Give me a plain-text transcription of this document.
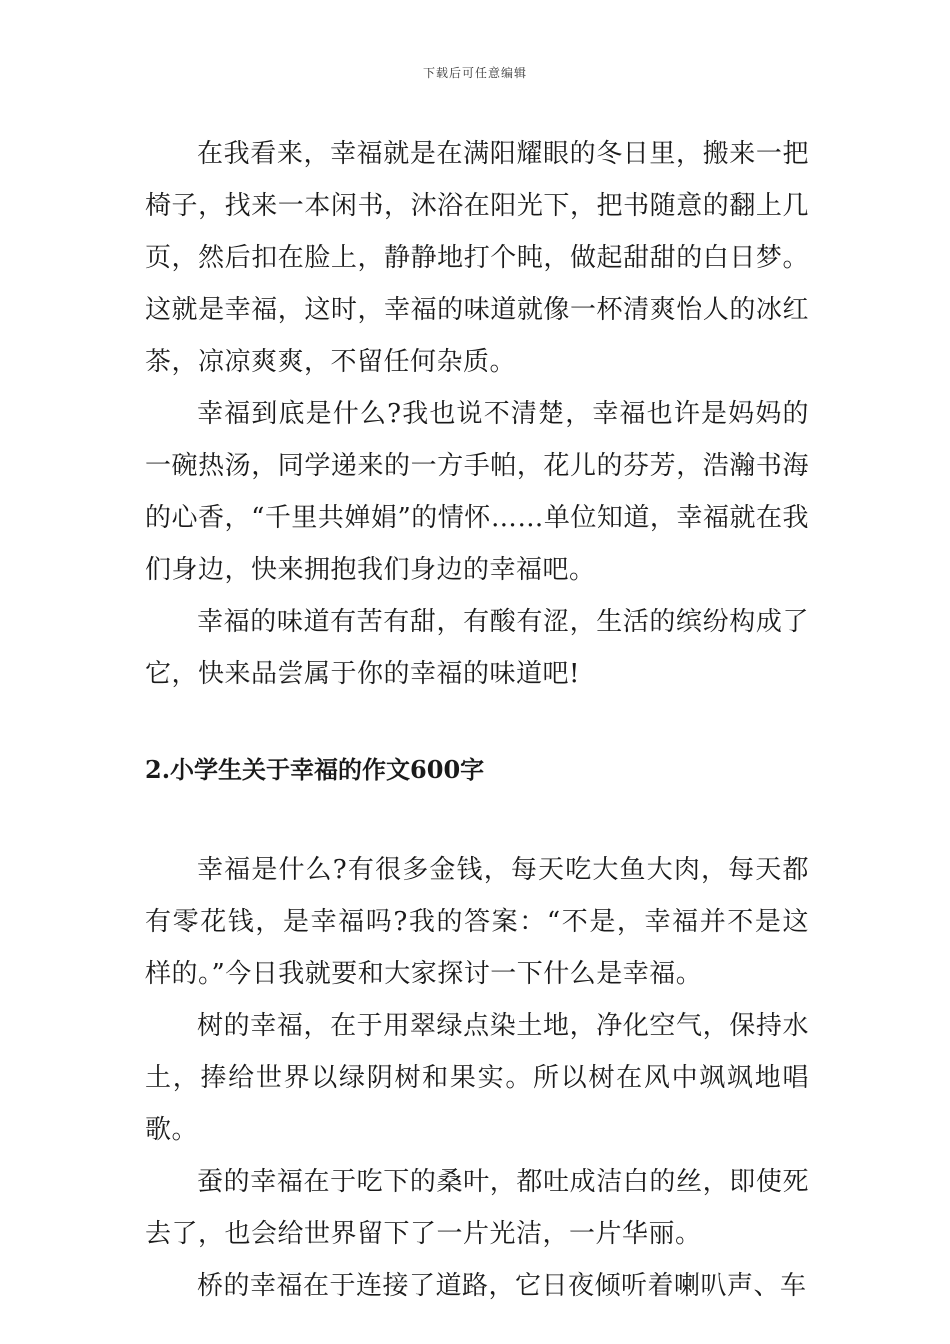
下载后可任意编辑

在我看来，幸福就是在满阳耀眼的冬日里，搬来一把椅子，找来一本闲书，沐浴在阳光下，把书随意的翻上几页，然后扣在脸上，静静地打个盹，做起甜甜的白日梦。这就是幸福，这时，幸福的味道就像一杯清爽怡人的冰红茶，凉凉爽爽，不留任何杂质。

幸福到底是什么?我也说不清楚，幸福也许是妈妈的一碗热汤，同学递来的一方手帕，花儿的芬芳，浩瀚书海的心香，“千里共婵娟”的情怀……单位知道，幸福就在我们身边，快来拥抱我们身边的幸福吧。

幸福的味道有苦有甜，有酸有涩，生活的缤纷构成了它，快来品尝属于你的幸福的味道吧!

2.小学生关于幸福的作文600字

幸福是什么?有很多金钱，每天吃大鱼大肉，每天都有零花钱，是幸福吗?我的答案：“不是，幸福并不是这样的。”今日我就要和大家探讨一下什么是幸福。

树的幸福，在于用翠绿点染土地，净化空气，保持水土，捧给世界以绿阴树和果实。所以树在风中飒飒地唱歌。

蚕的幸福在于吃下的桑叶，都吐成洁白的丝，即使死去了，也会给世界留下了一片光洁，一片华丽。

桥的幸福在于连接了道路，它日夜倾听着喇叭声、车
